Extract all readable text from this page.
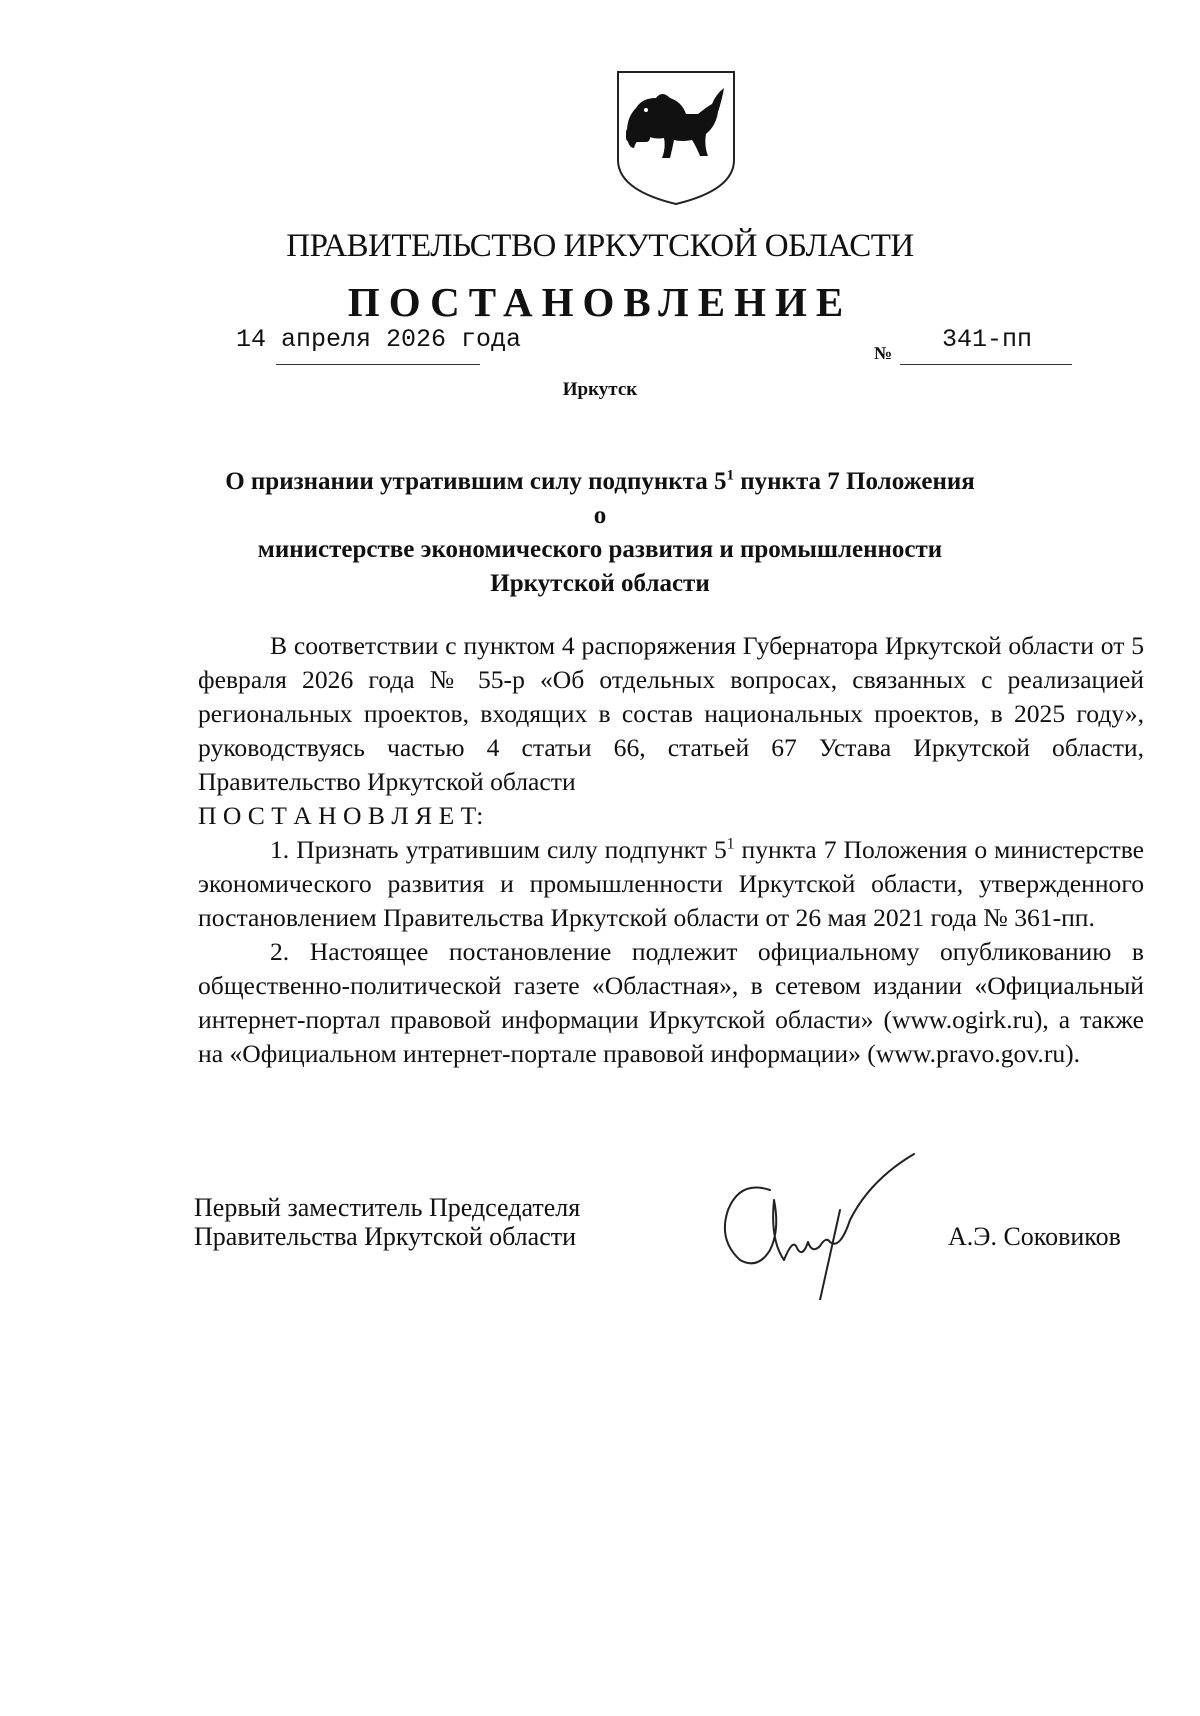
ПРАВИТЕЛЬСТВО ИРКУТСКОЙ ОБЛАСТИ
ПОСТАНОВЛЕНИЕ
14 апреля 2026 года	№ 341-пп
Иркутск
О признании утратившим силу подпункта $5^1$ пункта 7 Положения о
министерстве экономического развития и промышленности
Иркутской области

В соответствии с пунктом 4 распоряжения Губернатора Иркутской области от 5 февраля 2026 года № 55-р «Об отдельных вопросах, связанных с реализацией региональных проектов, входящих в состав национальных проектов, в 2025 году», руководствуясь частью 4 статьи 66, статьей 67 Устава Иркутской области, Правительство Иркутской области

П О С Т А Н О В Л Я Е Т:

1. Признать утратившим силу подпункт $5^1$ пункта 7 Положения о министерстве экономического развития и промышленности Иркутской области, утвержденного постановлением Правительства Иркутской области от 26 мая 2021 года № 361-пп.

2. Настоящее постановление подлежит официальному опубликованию в общественно-политической газете «Областная», в сетевом издании «Официальный интернет-портал правовой информации Иркутской области» (www.ogirk.ru), а также на «Официальном интернет-портале правовой информации» (www.pravo.gov.ru).

Первый заместитель Председателя
Правительства Иркутской области	А.Э. Соковиков
